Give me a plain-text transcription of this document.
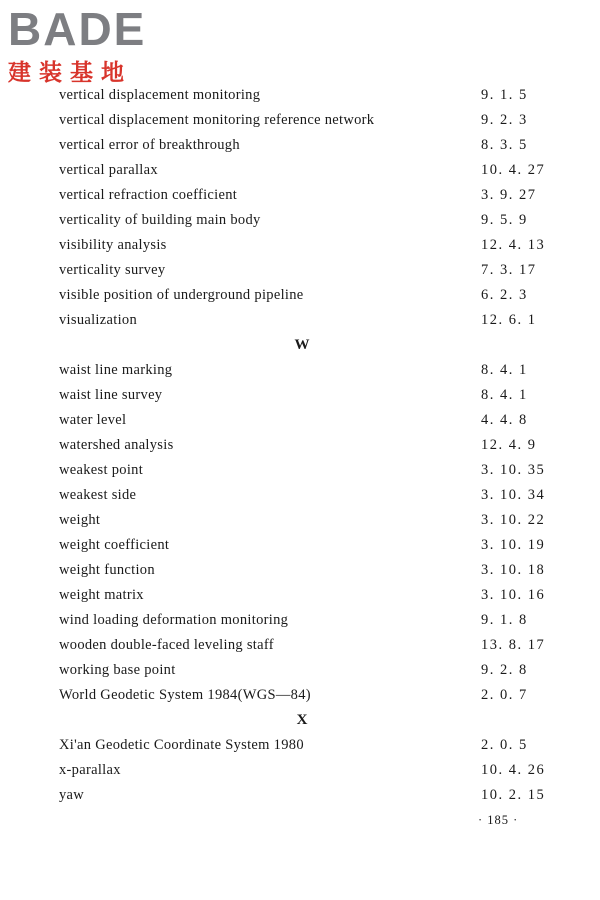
BADE
建装基地
vertical displacement monitoring	9. 1. 5
vertical displacement monitoring reference network	9. 2. 3
vertical error of breakthrough	8. 3. 5
vertical parallax	10. 4. 27
vertical refraction coefficient	3. 9. 27
verticality of building main body	9. 5. 9
visibility analysis	12. 4. 13
verticality survey	7. 3. 17
visible position of underground pipeline	6. 2. 3
visualization	12. 6. 1
W
waist line marking	8. 4. 1
waist line survey	8. 4. 1
water level	4. 4. 8
watershed analysis	12. 4. 9
weakest point	3. 10. 35
weakest side	3. 10. 34
weight	3. 10. 22
weight coefficient	3. 10. 19
weight function	3. 10. 18
weight matrix	3. 10. 16
wind loading deformation monitoring	9. 1. 8
wooden double-faced leveling staff	13. 8. 17
working base point	9. 2. 8
World Geodetic System 1984(WGS—84)	2. 0. 7
X
Xi'an Geodetic Coordinate System 1980	2. 0. 5
x-parallax	10. 4. 26
yaw	10. 2. 15
· 185 ·
